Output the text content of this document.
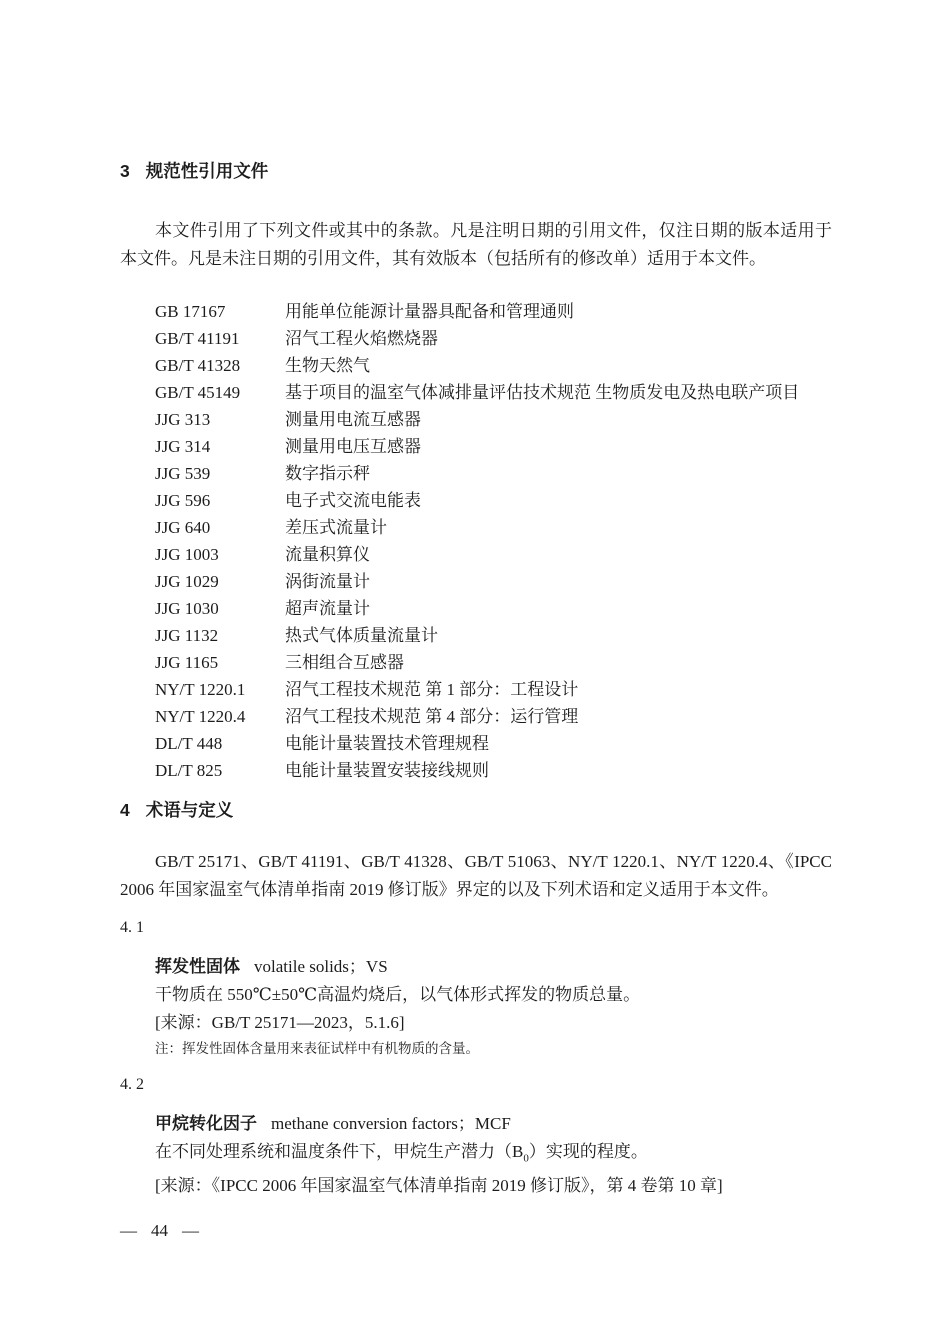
3 规范性引用文件

本文件引用了下列文件或其中的条款。凡是注明日期的引用文件，仅注日期的版本适用于本文件。凡是未注日期的引用文件，其有效版本（包括所有的修改单）适用于本文件。

GB 17167	用能单位能源计量器具配备和管理通则
GB/T 41191	沼气工程火焰燃烧器
GB/T 41328	生物天然气
GB/T 45149	基于项目的温室气体减排量评估技术规范 生物质发电及热电联产项目
JJG 313	测量用电流互感器
JJG 314	测量用电压互感器
JJG 539	数字指示秤
JJG 596	电子式交流电能表
JJG 640	差压式流量计
JJG 1003	流量积算仪
JJG 1029	涡街流量计
JJG 1030	超声流量计
JJG 1132	热式气体质量流量计
JJG 1165	三相组合互感器
NY/T 1220.1	沼气工程技术规范 第 1 部分：工程设计
NY/T 1220.4	沼气工程技术规范 第 4 部分：运行管理
DL/T 448	电能计量装置技术管理规程
DL/T 825	电能计量装置安装接线规则
4 术语与定义

GB/T 25171、GB/T 41191、GB/T 41328、GB/T 51063、NY/T 1220.1、NY/T 1220.4、《IPCC 2006 年国家温室气体清单指南 2019 修订版》界定的以及下列术语和定义适用于本文件。

4. 1
挥发性固体 volatile solids；VS
干物质在 550℃±50℃高温灼烧后，以气体形式挥发的物质总量。
[来源：GB/T 25171—2023，5.1.6]
注：挥发性固体含量用来表征试样中有机物质的含量。
4. 2
甲烷转化因子 methane conversion factors；MCF
在不同处理系统和温度条件下，甲烷生产潜力$(B_0)$实现的程度。
[来源：《IPCC 2006 年国家温室气体清单指南 2019 修订版》，第 4 卷第 10 章]
— 44 —
